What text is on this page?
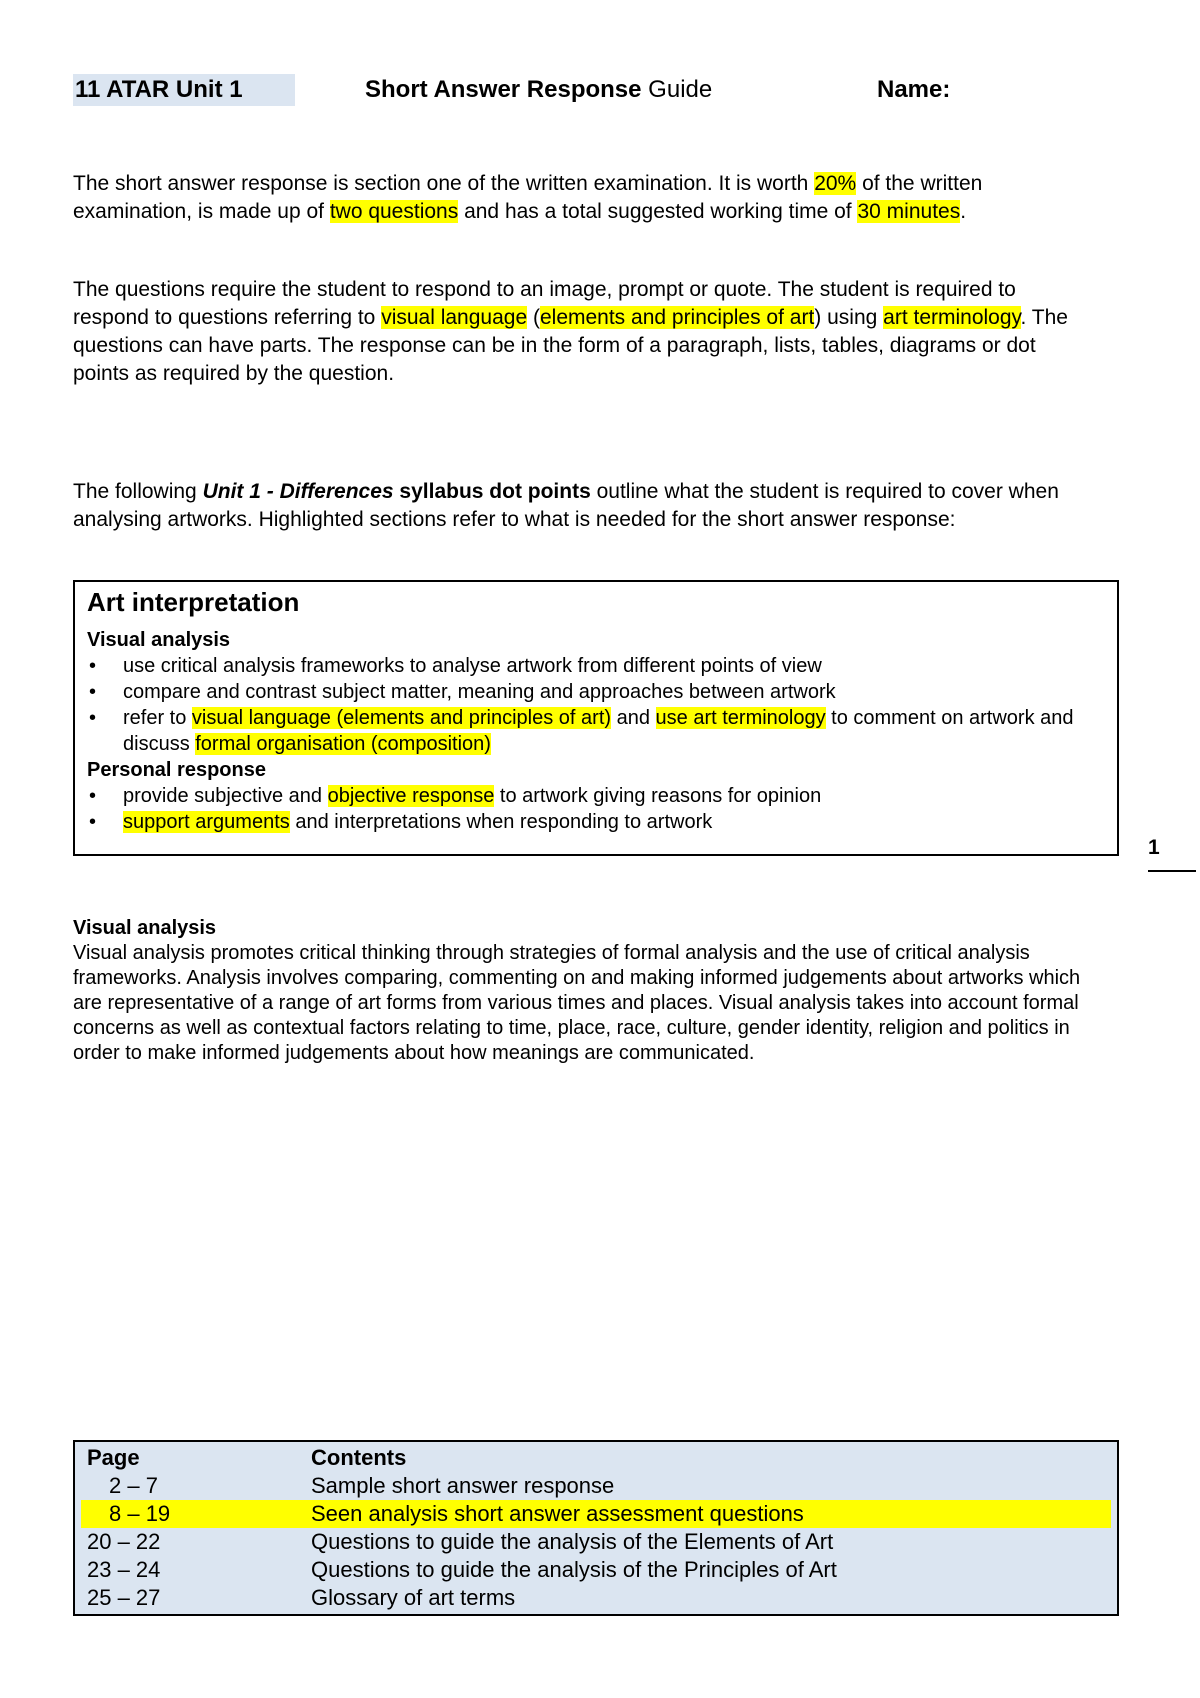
11 ATAR Unit 1	Short Answer Response Guide	Name:

The short answer response is section one of the written examination. It is worth 20% of the written examination, is made up of two questions and has a total suggested working time of 30 minutes.

The questions require the student to respond to an image, prompt or quote. The student is required to respond to questions referring to visual language (elements and principles of art) using art terminology. The questions can have parts. The response can be in the form of a paragraph, lists, tables, diagrams or dot points as required by the question.

The following Unit 1 - Differences syllabus dot points outline what the student is required to cover when analysing artworks. Highlighted sections refer to what is needed for the short answer response:

Art interpretation
Visual analysis
• use critical analysis frameworks to analyse artwork from different points of view
• compare and contrast subject matter, meaning and approaches between artwork
• refer to visual language (elements and principles of art) and use art terminology to comment on artwork and discuss formal organisation (composition)
Personal response
• provide subjective and objective response to artwork giving reasons for opinion
• support arguments and interpretations when responding to artwork
1
Visual analysis
Visual analysis promotes critical thinking through strategies of formal analysis and the use of critical analysis frameworks. Analysis involves comparing, commenting on and making informed judgements about artworks which are representative of a range of art forms from various times and places. Visual analysis takes into account formal concerns as well as contextual factors relating to time, place, race, culture, gender identity, religion and politics in order to make informed judgements about how meanings are communicated.
Page	Contents
2 – 7	Sample short answer response
8 – 19	Seen analysis short answer assessment questions
20 – 22	Questions to guide the analysis of the Elements of Art
23 – 24	Questions to guide the analysis of the Principles of Art
25 – 27	Glossary of art terms
